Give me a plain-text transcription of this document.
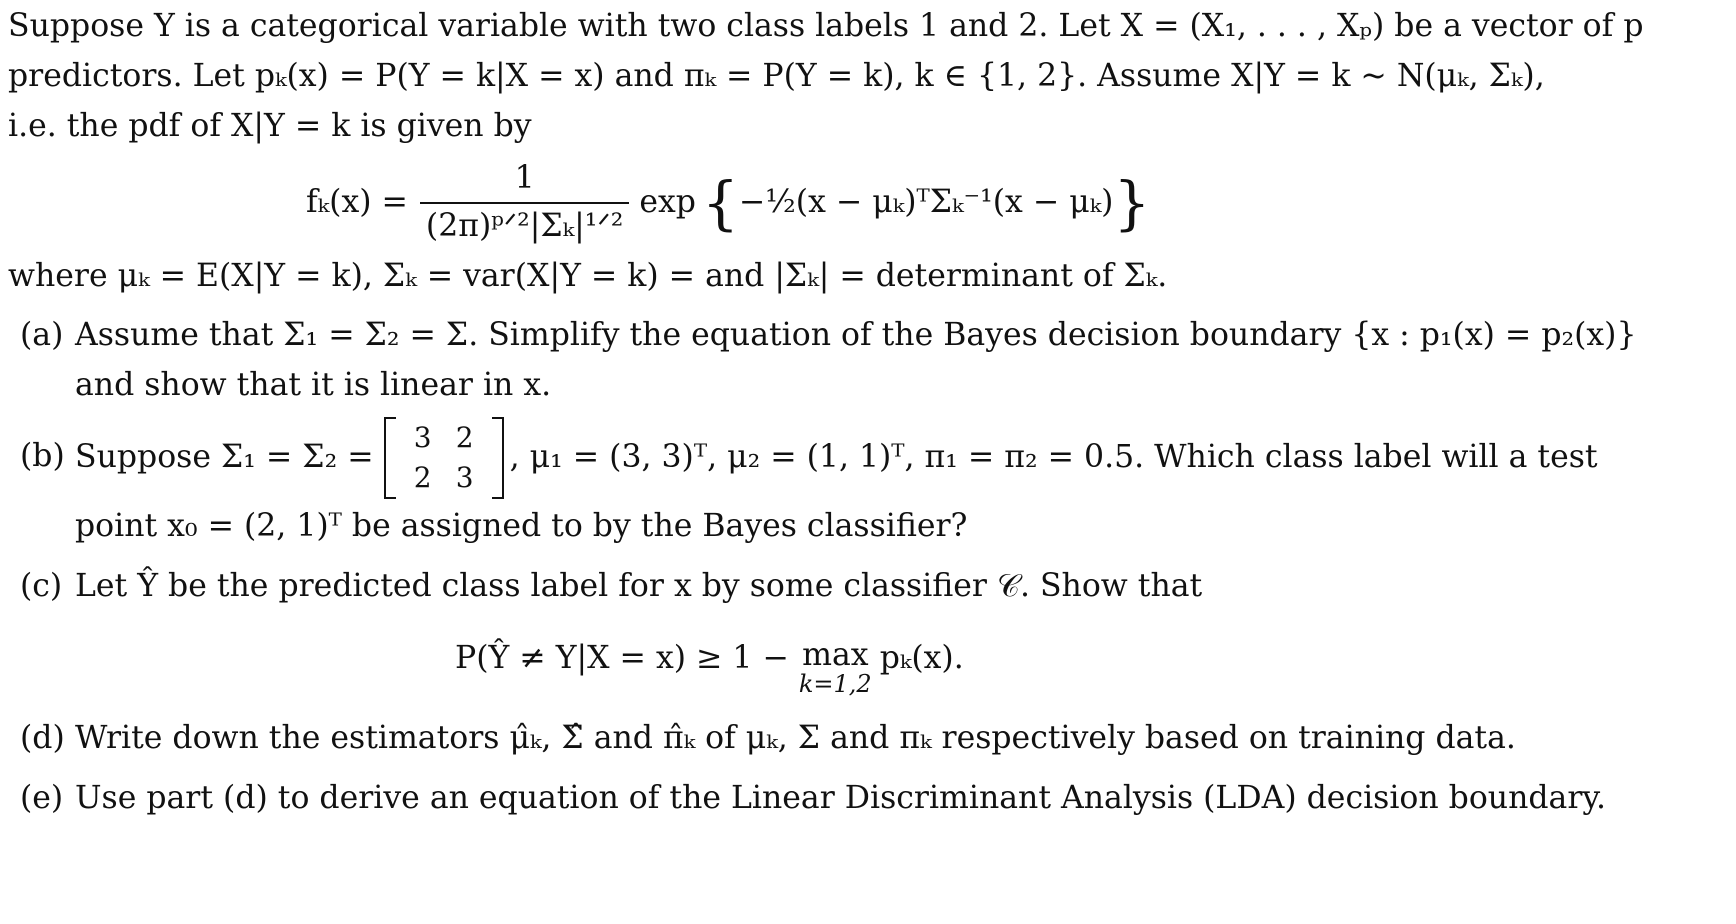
Suppose Y is a categorical variable with two class labels 1 and 2. Let X = (X₁, . . . , Xₚ) be a vector of p
predictors. Let pₖ(x) = P(Y = k|X = x) and πₖ = P(Y = k), k ∈ {1, 2}. Assume X|Y = k ~ N(μₖ, Σₖ),
i.e. the pdf of X|Y = k is given by
$f_k(x) = \frac{1}{\text{(2π)ᵖᐟ²|Σₖ|¹ᐟ²}}$ exp { −½(x − μₖ)ᵀΣₖ⁻¹(x − μₖ) }
where μₖ = E(X|Y = k), Σₖ = var(X|Y = k) = and |Σₖ| = determinant of Σₖ.
(a) Assume that Σ₁ = Σ₂ = Σ. Simplify the equation of the Bayes decision boundary {x : p₁(x) = p₂(x)}
and show that it is linear in x.
(b) Suppose Σ₁ = Σ₂ =
3 2
2 3
, μ₁ = (3, 3)ᵀ, μ₂ = (1, 1)ᵀ, π₁ = π₂ = 0.5. Which class label will a test
point x₀ = (2, 1)ᵀ be assigned to by the Bayes classifier?
(c) Let Ŷ be the predicted class label for x by some classifier 𝒞. Show that
P(Ŷ ≠ Y|X = x) ≥ 1 − max
k=1,2
pₖ(x).
(d) Write down the estimators μ̂ₖ, Σ̂ and π̂ₖ of μₖ, Σ and πₖ respectively based on training data.
(e) Use part (d) to derive an equation of the Linear Discriminant Analysis (LDA) decision boundary.
